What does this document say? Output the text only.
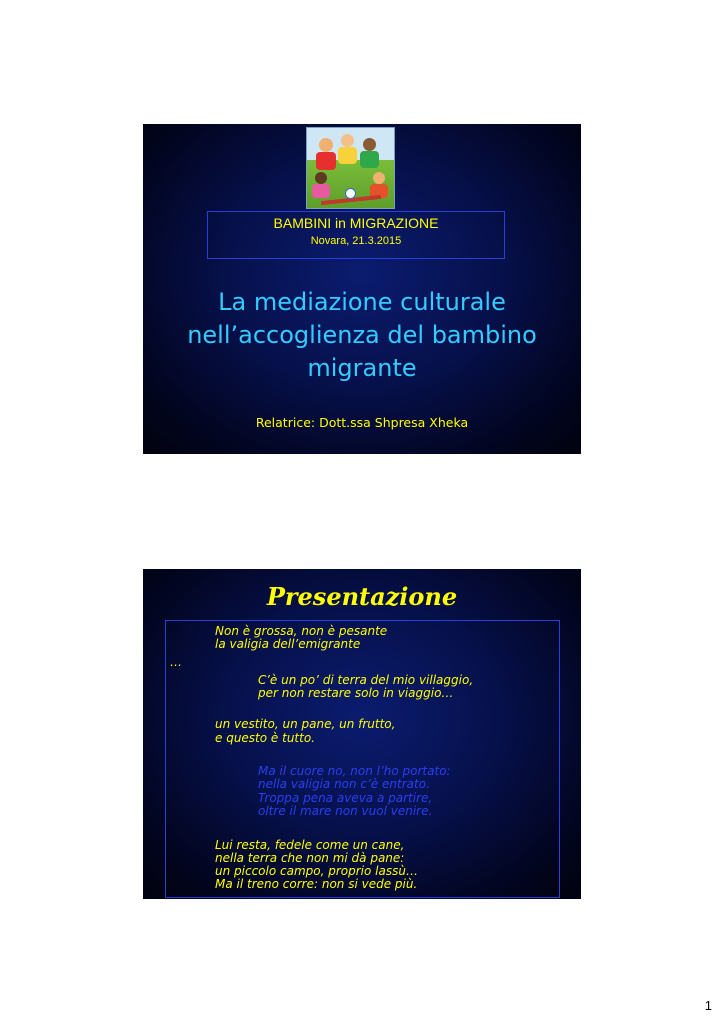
BAMBINI in MIGRAZIONE
Novara, 21.3.2015
La mediazione culturale
nell’accoglienza del bambino
migrante
Relatrice: Dott.ssa Shpresa Xheka
Presentazione
Non è grossa, non è pesante
la valigia dell’emigrante
…
C’è un po’ di terra del mio villaggio,
per non restare solo in viaggio…
un vestito, un pane, un frutto,
e questo è tutto.
Ma il cuore no, non l’ho portato:
nella valigia non c’è entrato.
Troppa pena aveva a partire,
oltre il mare non vuol venire.
Lui resta, fedele come un cane,
nella terra che non mi dà pane:
un piccolo campo, proprio lassù…
Ma il treno corre: non si vede più.
1
